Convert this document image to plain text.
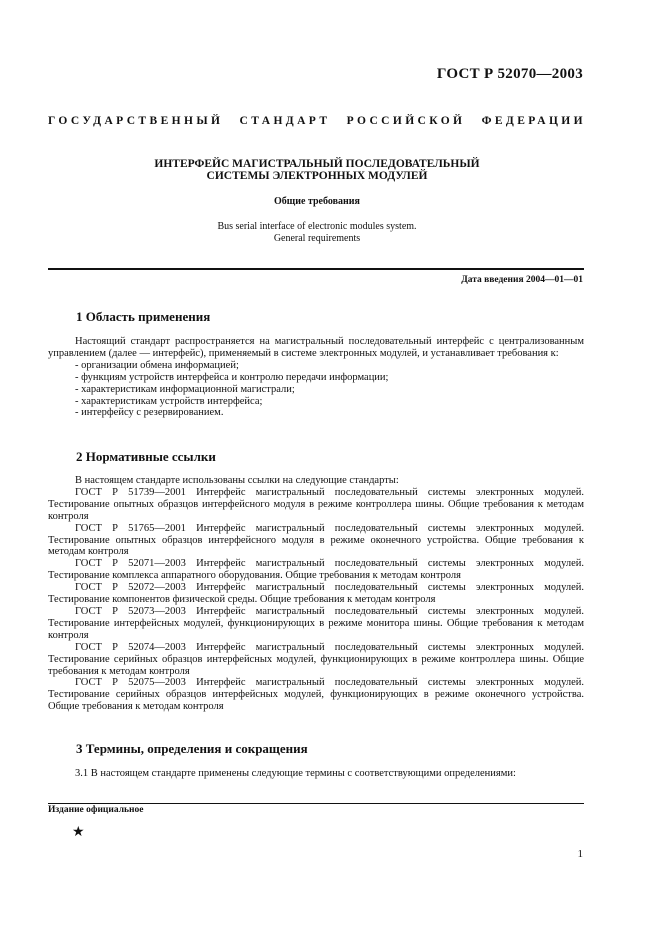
ГОСТ Р 52070—2003
ГОСУДАРСТВЕННЫЙ СТАНДАРТ РОССИЙСКОЙ ФЕДЕРАЦИИ
ИНТЕРФЕЙС МАГИСТРАЛЬНЫЙ ПОСЛЕДОВАТЕЛЬНЫЙ
СИСТЕМЫ ЭЛЕКТРОННЫХ МОДУЛЕЙ
Общие требования
Bus serial interface of electronic modules system.
General requirements
Дата введения 2004—01—01
1 Область применения

Настоящий стандарт распространяется на магистральный последовательный интерфейс с централизованным управлением (далее — интерфейс), применяемый в системе электронных модулей, и устанавливает требования к:

- организации обмена информацией;
- функциям устройств интерфейса и контролю передачи информации;
- характеристикам информационной магистрали;
- характеристикам устройств интерфейса;
- интерфейсу с резервированием.
2 Нормативные ссылки

В настоящем стандарте использованы ссылки на следующие стандарты:

ГОСТ Р 51739—2001 Интерфейс магистральный последовательный системы электронных модулей. Тестирование опытных образцов интерфейсного модуля в режиме контроллера шины. Общие требования к методам контроля

ГОСТ Р 51765—2001 Интерфейс магистральный последовательный системы электронных модулей. Тестирование опытных образцов интерфейсного модуля в режиме оконечного устройства. Общие требования к методам контроля

ГОСТ Р 52071—2003 Интерфейс магистральный последовательный системы электронных модулей. Тестирование комплекса аппаратного оборудования. Общие требования к методам контроля

ГОСТ Р 52072—2003 Интерфейс магистральный последовательный системы электронных модулей. Тестирование компонентов физической среды. Общие требования к методам контроля

ГОСТ Р 52073—2003 Интерфейс магистральный последовательный системы электронных модулей. Тестирование интерфейсных модулей, функционирующих в режиме монитора шины. Общие требования к методам контроля

ГОСТ Р 52074—2003 Интерфейс магистральный последовательный системы электронных модулей. Тестирование серийных образцов интерфейсных модулей, функционирующих в режиме контроллера шины. Общие требования к методам контроля

ГОСТ Р 52075—2003 Интерфейс магистральный последовательный системы электронных модулей. Тестирование серийных образцов интерфейсных модулей, функционирующих в режиме оконечного устройства. Общие требования к методам контроля

3 Термины, определения и сокращения

3.1 В настоящем стандарте применены следующие термины с соответствующими определениями:

Издание официальное
★
1
